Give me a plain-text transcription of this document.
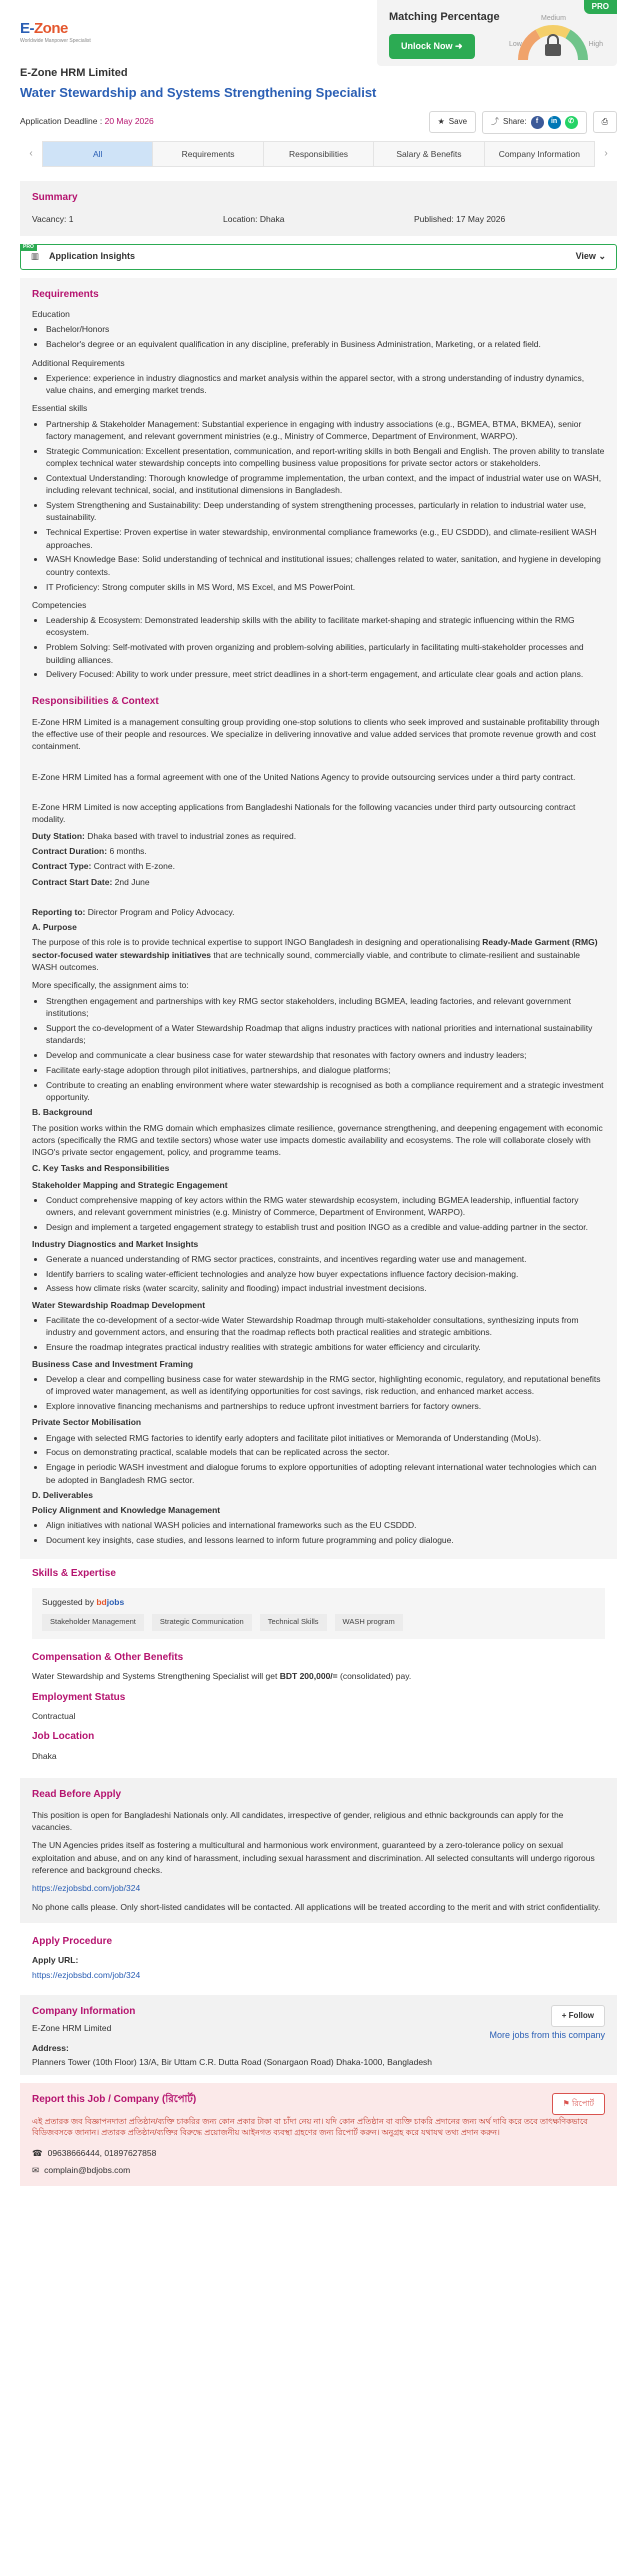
E-Zone
Worldwide Manpower Specialist
PRO
Matching Percentage
Unlock Now ➜	Low
Medium
High
E-Zone HRM Limited
Water Stewardship and Systems Strengthening Specialist
Application Deadline : 20 May 2026	★ Save	⤴ Share:	f	in	✆	⎙
‹	All	Requirements	Responsibilities	Salary & Benefits	Company Information	›
Summary
Vacancy: 1	Location: Dhaka	Published: 17 May 2026
PRO
▥ Application Insights	View ⌄
Requirements
Education
• Bachelor/Honors
• Bachelor's degree or an equivalent qualification in any discipline, preferably in Business Administration, Marketing, or a related field.
Additional Requirements
• Experience: experience in industry diagnostics and market analysis within the apparel sector, with a strong understanding of industry dynamics, value chains, and emerging market trends.
Essential skills
• Partnership & Stakeholder Management: Substantial experience in engaging with industry associations (e.g., BGMEA, BTMA, BKMEA), senior factory management, and relevant government ministries (e.g., Ministry of Commerce, Department of Environment, WARPO).
• Strategic Communication: Excellent presentation, communication, and report-writing skills in both Bengali and English. The proven ability to translate complex technical water stewardship concepts into compelling business value propositions for private sector actors or stakeholders.
• Contextual Understanding: Thorough knowledge of programme implementation, the urban context, and the impact of industrial water use on WASH, including relevant technical, social, and institutional dimensions in Bangladesh.
• System Strengthening and Sustainability: Deep understanding of system strengthening processes, particularly in relation to industrial water use, sustainability.
• Technical Expertise: Proven expertise in water stewardship, environmental compliance frameworks (e.g., EU CSDDD), and climate-resilient WASH approaches.
• WASH Knowledge Base: Solid understanding of technical and institutional issues; challenges related to water, sanitation, and hygiene in developing country contexts.
• IT Proficiency: Strong computer skills in MS Word, MS Excel, and MS PowerPoint.
Competencies
• Leadership & Ecosystem: Demonstrated leadership skills with the ability to facilitate market-shaping and strategic influencing within the RMG ecosystem.
• Problem Solving: Self-motivated with proven organizing and problem-solving abilities, particularly in facilitating multi-stakeholder processes and building alliances.
• Delivery Focused: Ability to work under pressure, meet strict deadlines in a short-term engagement, and articulate clear goals and action plans.
Responsibilities & Context

E-Zone HRM Limited is a management consulting group providing one-stop solutions to clients who seek improved and sustainable profitability through the effective use of their people and resources. We specialize in delivering innovative and value added services that promote revenue growth and cost containment.

E-Zone HRM Limited has a formal agreement with one of the United Nations Agency to provide outsourcing services under a third party contract.

E-Zone HRM Limited is now accepting applications from Bangladeshi Nationals for the following vacancies under third party outsourcing contract modality.

Duty Station: Dhaka based with travel to industrial zones as required.

Contract Duration: 6 months.

Contract Type: Contract with E-zone.

Contract Start Date: 2nd June

Reporting to: Director Program and Policy Advocacy.

A. Purpose

The purpose of this role is to provide technical expertise to support INGO Bangladesh in designing and operationalising Ready-Made Garment (RMG) sector-focused water stewardship initiatives that are technically sound, commercially viable, and contribute to climate-resilient and sustainable WASH outcomes.

More specifically, the assignment aims to:

• Strengthen engagement and partnerships with key RMG sector stakeholders, including BGMEA, leading factories, and relevant government institutions;
• Support the co-development of a Water Stewardship Roadmap that aligns industry practices with national priorities and international sustainability standards;
• Develop and communicate a clear business case for water stewardship that resonates with factory owners and industry leaders;
• Facilitate early-stage adoption through pilot initiatives, partnerships, and dialogue platforms;
• Contribute to creating an enabling environment where water stewardship is recognised as both a compliance requirement and a strategic investment opportunity.

B. Background

The position works within the RMG domain which emphasizes climate resilience, governance strengthening, and deepening engagement with economic actors (specifically the RMG and textile sectors) whose water use impacts domestic availability and ecosystems. The role will collaborate closely with INGO's private sector engagement, policy, and programme teams.

C. Key Tasks and Responsibilities

Stakeholder Mapping and Strategic Engagement

• Conduct comprehensive mapping of key actors within the RMG water stewardship ecosystem, including BGMEA leadership, influential factory owners, and relevant government ministries (e.g. Ministry of Commerce, Department of Environment, WARPO).
• Design and implement a targeted engagement strategy to establish trust and position INGO as a credible and value-adding partner in the sector.

Industry Diagnostics and Market Insights

• Generate a nuanced understanding of RMG sector practices, constraints, and incentives regarding water use and management.
• Identify barriers to scaling water-efficient technologies and analyze how buyer expectations influence factory decision-making.
• Assess how climate risks (water scarcity, salinity and flooding) impact industrial investment decisions.

Water Stewardship Roadmap Development

• Facilitate the co-development of a sector-wide Water Stewardship Roadmap through multi-stakeholder consultations, synthesizing inputs from industry and government actors, and ensuring that the roadmap reflects both practical realities and strategic ambitions.
• Ensure the roadmap integrates practical industry realities with strategic ambitions for water efficiency and circularity.

Business Case and Investment Framing

• Develop a clear and compelling business case for water stewardship in the RMG sector, highlighting economic, regulatory, and reputational benefits of improved water management, as well as identifying opportunities for cost savings, risk reduction, and enhanced market access.
• Explore innovative financing mechanisms and partnerships to reduce upfront investment barriers for factory owners.

Private Sector Mobilisation

• Engage with selected RMG factories to identify early adopters and facilitate pilot initiatives or Memoranda of Understanding (MoUs).
• Focus on demonstrating practical, scalable models that can be replicated across the sector.
• Engage in periodic WASH investment and dialogue forums to explore opportunities of adopting relevant international water technologies which can be adopted in Bangladesh RMG sector.

D. Deliverables

Policy Alignment and Knowledge Management

• Align initiatives with national WASH policies and international frameworks such as the EU CSDDD.
• Document key insights, case studies, and lessons learned to inform future programming and policy dialogue.
Skills & Expertise
Suggested by bdjobs
Stakeholder Management	Strategic Communication	Technical Skills	WASH program
Compensation & Other Benefits

Water Stewardship and Systems Strengthening Specialist will get BDT 200,000/= (consolidated) pay.

Employment Status

Contractual

Job Location

Dhaka

Read Before Apply

This position is open for Bangladeshi Nationals only. All candidates, irrespective of gender, religious and ethnic backgrounds can apply for the vacancies.

The UN Agencies prides itself as fostering a multicultural and harmonious work environment, guaranteed by a zero-tolerance policy on sexual exploitation and abuse, and on any kind of harassment, including sexual harassment and discrimination. All selected consultants will undergo rigorous reference and background checks.

https://ezjobsbd.com/job/324

No phone calls please. Only short-listed candidates will be contacted. All applications will be treated according to the merit and with strict confidentiality.

Apply Procedure

Apply URL:

https://ezjobsbd.com/job/324

Company Information

E-Zone HRM Limited

+ Follow
More jobs from this company

Address:

Planners Tower (10th Floor) 13/A, Bir Uttam C.R. Dutta Road (Sonargaon Road) Dhaka-1000, Bangladesh

Report this Job / Company (রিপোর্ট)	⚑ রিপোর্ট

এই প্রতারক জব বিজ্ঞাপনদাতা প্রতিষ্ঠান/ব্যক্তি চাকরির জন্য কোন প্রকার টাকা বা চাঁদা নেয় না। যদি কোন প্রতিষ্ঠান বা ব্যক্তি চাকরি প্রদানের জন্য অর্থ দাবি করে তবে তাৎক্ষণিকভাবে বিডিজবসকে জানান। প্রতারক প্রতিষ্ঠান/ব্যক্তির বিরুদ্ধে প্রয়োজনীয় আইনগত ব্যবস্থা গ্রহণের জন্য রিপোর্ট করুন। অনুগ্রহ করে যথাযথ তথ্য প্রদান করুন।

☎ 09638666444, 01897627858
✉ complain@bdjobs.com
